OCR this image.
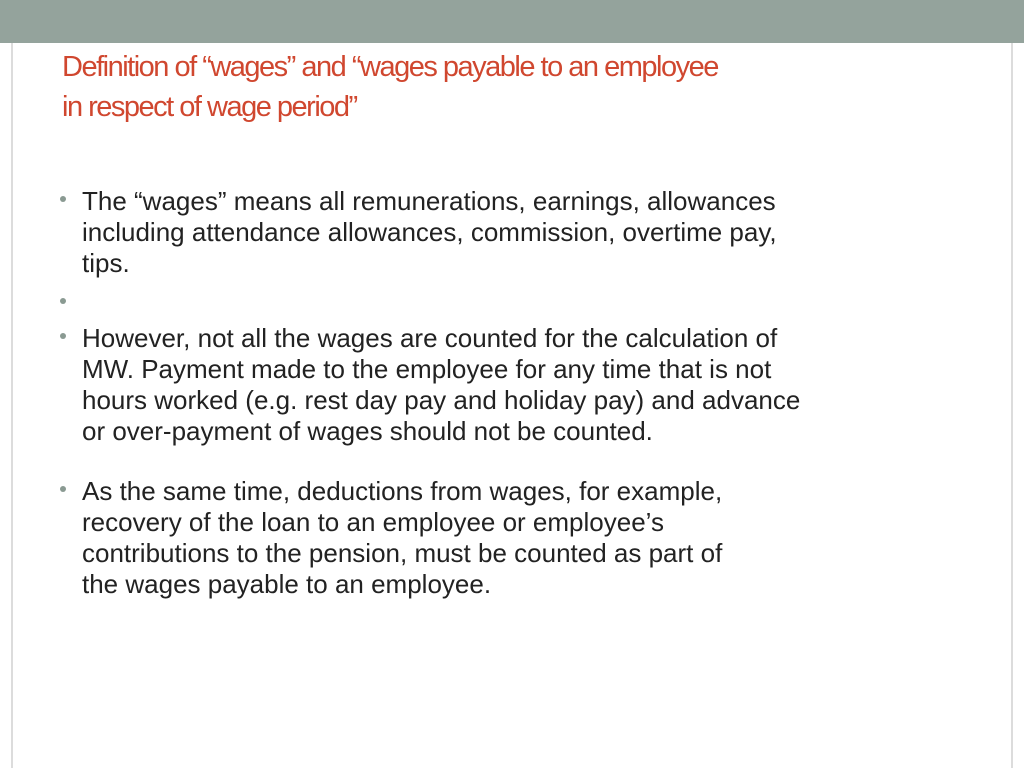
Definition of “wages” and “wages payable to an employee
in respect of wage period”
The “wages” means all remunerations, earnings, allowances
including attendance allowances, commission, overtime pay,
tips.
However, not all the wages are counted for the calculation of
MW. Payment made to the employee for any time that is not
hours worked (e.g. rest day pay and holiday pay) and advance
or over-payment of wages should not be counted.
As the same time, deductions from wages, for example,
recovery of the loan to an employee or employee’s
contributions to the pension, must be counted as part of
the wages payable to an employee.
